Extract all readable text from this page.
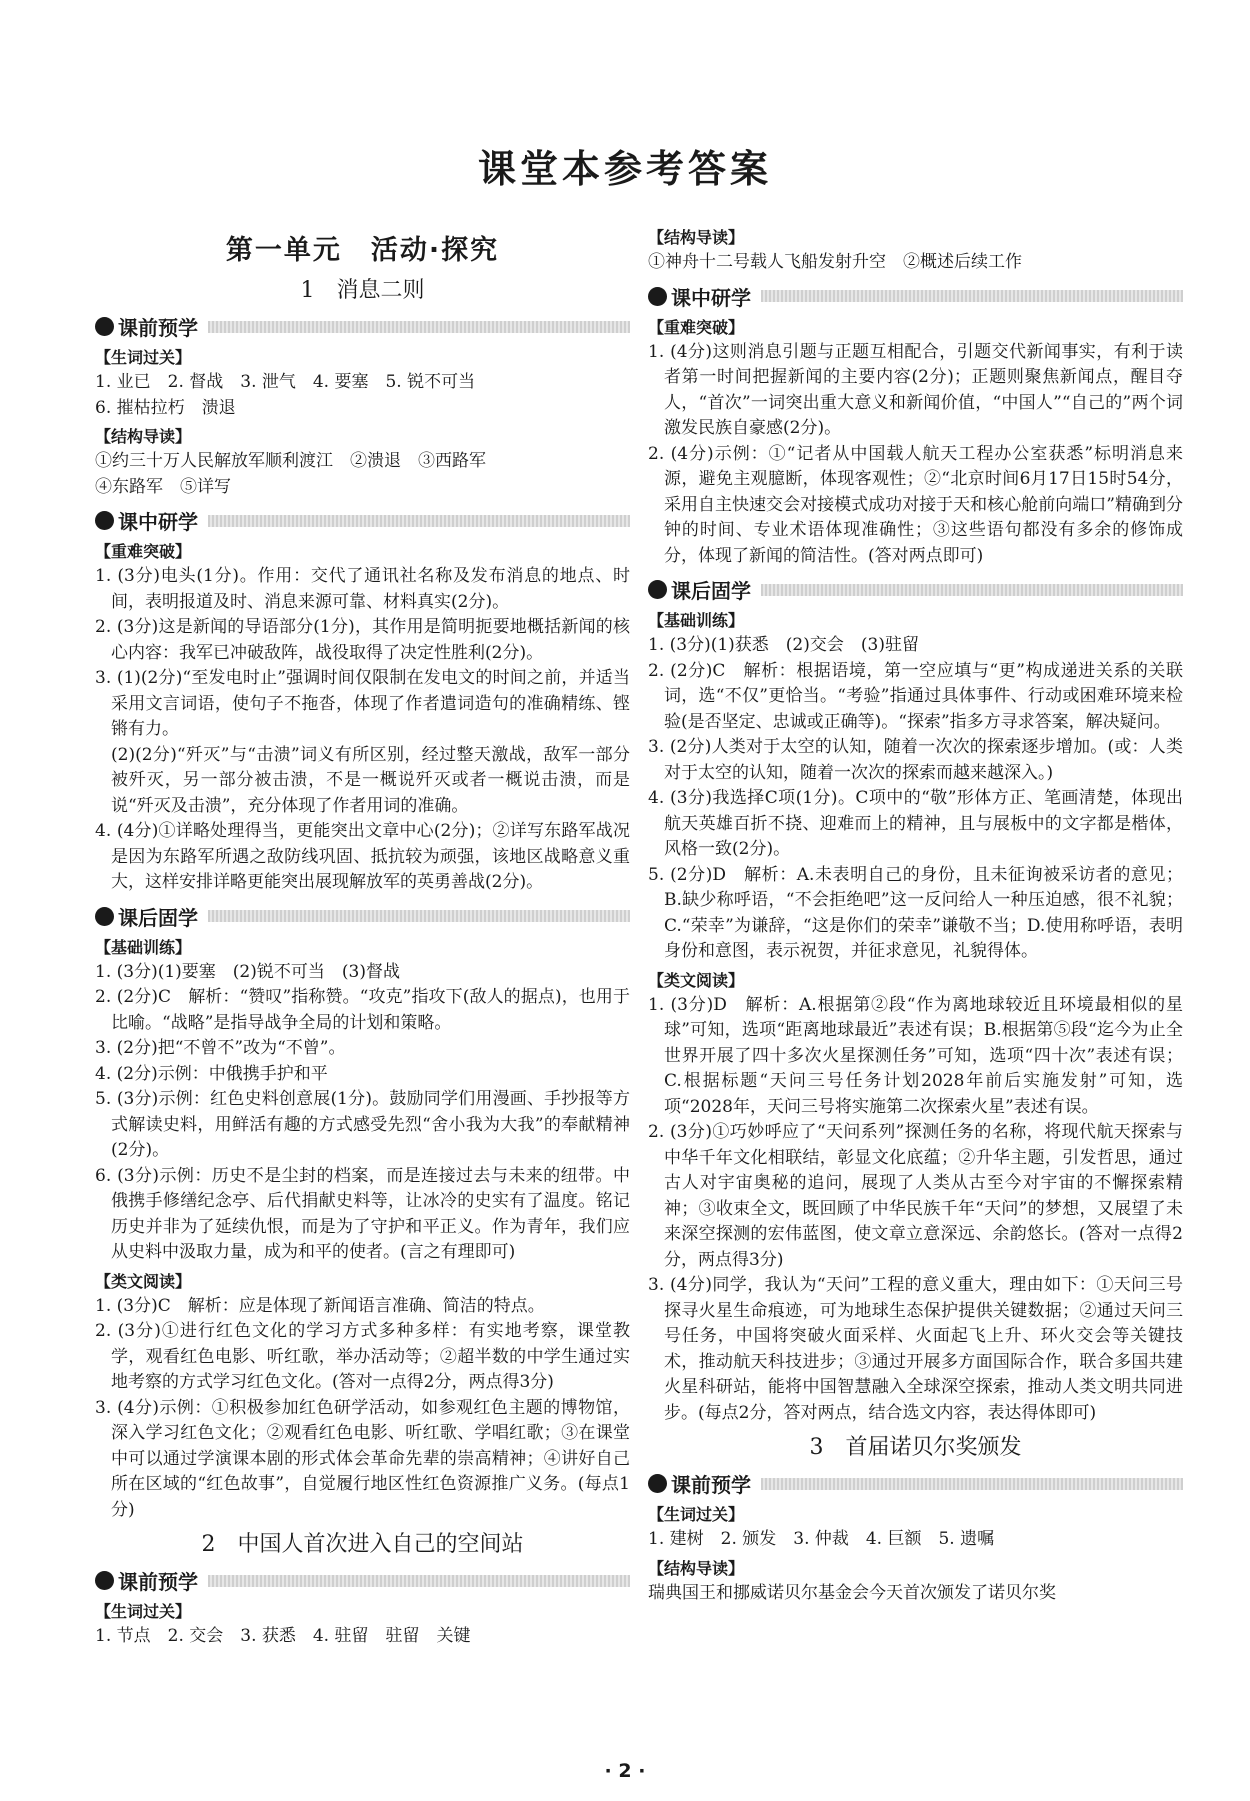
课堂本参考答案
第一单元　活动·探究
1　消息二则
课前预学
【生词过关】
1. 业已　2. 督战　3. 泄气　4. 要塞　5. 锐不可当
6. 摧枯拉朽　溃退
【结构导读】
①约三十万人民解放军顺利渡江　②溃退　③西路军
④东路军　⑤详写
课中研学
【重难突破】
1. (3分)电头(1分)。作用：交代了通讯社名称及发布消息的地点、时间，表明报道及时、消息来源可靠、材料真实(2分)。
2. (3分)这是新闻的导语部分(1分)，其作用是简明扼要地概括新闻的核心内容：我军已冲破敌阵，战役取得了决定性胜利(2分)。
3. (1)(2分)“至发电时止”强调时间仅限制在发电文的时间之前，并适当采用文言词语，使句子不拖沓，体现了作者遣词造句的准确精练、铿锵有力。
(2)(2分)“歼灭”与“击溃”词义有所区别，经过整天激战，敌军一部分被歼灭，另一部分被击溃，不是一概说歼灭或者一概说击溃，而是说“歼灭及击溃”，充分体现了作者用词的准确。
4. (4分)①详略处理得当，更能突出文章中心(2分)；②详写东路军战况是因为东路军所遇之敌防线巩固、抵抗较为顽强，该地区战略意义重大，这样安排详略更能突出展现解放军的英勇善战(2分)。
课后固学
【基础训练】
1. (3分)(1)要塞　(2)锐不可当　(3)督战
2. (2分)C　解析：“赞叹”指称赞。“攻克”指攻下(敌人的据点)，也用于比喻。“战略”是指导战争全局的计划和策略。
3. (2分)把“不曾不”改为“不曾”。
4. (2分)示例：中俄携手护和平
5. (3分)示例：红色史料创意展(1分)。鼓励同学们用漫画、手抄报等方式解读史料，用鲜活有趣的方式感受先烈“舍小我为大我”的奉献精神(2分)。
6. (3分)示例：历史不是尘封的档案，而是连接过去与未来的纽带。中俄携手修缮纪念亭、后代捐献史料等，让冰冷的史实有了温度。铭记历史并非为了延续仇恨，而是为了守护和平正义。作为青年，我们应从史料中汲取力量，成为和平的使者。(言之有理即可)
【类文阅读】
1. (3分)C　解析：应是体现了新闻语言准确、简洁的特点。
2. (3分)①进行红色文化的学习方式多种多样：有实地考察，课堂教学，观看红色电影、听红歌，举办活动等；②超半数的中学生通过实地考察的方式学习红色文化。(答对一点得2分，两点得3分)
3. (4分)示例：①积极参加红色研学活动，如参观红色主题的博物馆，深入学习红色文化；②观看红色电影、听红歌、学唱红歌；③在课堂中可以通过学演课本剧的形式体会革命先辈的崇高精神；④讲好自己所在区域的“红色故事”，自觉履行地区性红色资源推广义务。(每点1分)
2　中国人首次进入自己的空间站
课前预学
【生词过关】
1. 节点　2. 交会　3. 获悉　4. 驻留　驻留　关键
【结构导读】
①神舟十二号载人飞船发射升空　②概述后续工作
课中研学
【重难突破】
1. (4分)这则消息引题与正题互相配合，引题交代新闻事实，有利于读者第一时间把握新闻的主要内容(2分)；正题则聚焦新闻点，醒目夺人，“首次”一词突出重大意义和新闻价值，“中国人”“自己的”两个词激发民族自豪感(2分)。
2. (4分)示例：①“记者从中国载人航天工程办公室获悉”标明消息来源，避免主观臆断，体现客观性；②“北京时间6月17日15时54分，采用自主快速交会对接模式成功对接于天和核心舱前向端口”精确到分钟的时间、专业术语体现准确性；③这些语句都没有多余的修饰成分，体现了新闻的简洁性。(答对两点即可)
课后固学
【基础训练】
1. (3分)(1)获悉　(2)交会　(3)驻留
2. (2分)C　解析：根据语境，第一空应填与“更”构成递进关系的关联词，选“不仅”更恰当。“考验”指通过具体事件、行动或困难环境来检验(是否坚定、忠诚或正确等)。“探索”指多方寻求答案，解决疑问。
3. (2分)人类对于太空的认知，随着一次次的探索逐步增加。(或：人类对于太空的认知，随着一次次的探索而越来越深入。)
4. (3分)我选择C项(1分)。C项中的“敬”形体方正、笔画清楚，体现出航天英雄百折不挠、迎难而上的精神，且与展板中的文字都是楷体，风格一致(2分)。
5. (2分)D　解析：A.未表明自己的身份，且未征询被采访者的意见；B.缺少称呼语，“不会拒绝吧”这一反问给人一种压迫感，很不礼貌；C.“荣幸”为谦辞，“这是你们的荣幸”谦敬不当；D.使用称呼语，表明身份和意图，表示祝贺，并征求意见，礼貌得体。
【类文阅读】
1. (3分)D　解析：A.根据第②段“作为离地球较近且环境最相似的星球”可知，选项“距离地球最近”表述有误；B.根据第⑤段“迄今为止全世界开展了四十多次火星探测任务”可知，选项“四十次”表述有误；C.根据标题“天问三号任务计划2028年前后实施发射”可知，选项“2028年，天问三号将实施第二次探索火星”表述有误。
2. (3分)①巧妙呼应了“天问系列”探测任务的名称，将现代航天探索与中华千年文化相联结，彰显文化底蕴；②升华主题，引发哲思，通过古人对宇宙奥秘的追问，展现了人类从古至今对宇宙的不懈探索精神；③收束全文，既回顾了中华民族千年“天问”的梦想，又展望了未来深空探测的宏伟蓝图，使文章立意深远、余韵悠长。(答对一点得2分，两点得3分)
3. (4分)同学，我认为“天问”工程的意义重大，理由如下：①天问三号探寻火星生命痕迹，可为地球生态保护提供关键数据；②通过天问三号任务，中国将突破火面采样、火面起飞上升、环火交会等关键技术，推动航天科技进步；③通过开展多方面国际合作，联合多国共建火星科研站，能将中国智慧融入全球深空探索，推动人类文明共同进步。(每点2分，答对两点，结合选文内容，表达得体即可)
3　首届诺贝尔奖颁发
课前预学
【生词过关】
1. 建树　2. 颁发　3. 仲裁　4. 巨额　5. 遗嘱
【结构导读】
瑞典国王和挪威诺贝尔基金会今天首次颁发了诺贝尔奖
· 2 ·
